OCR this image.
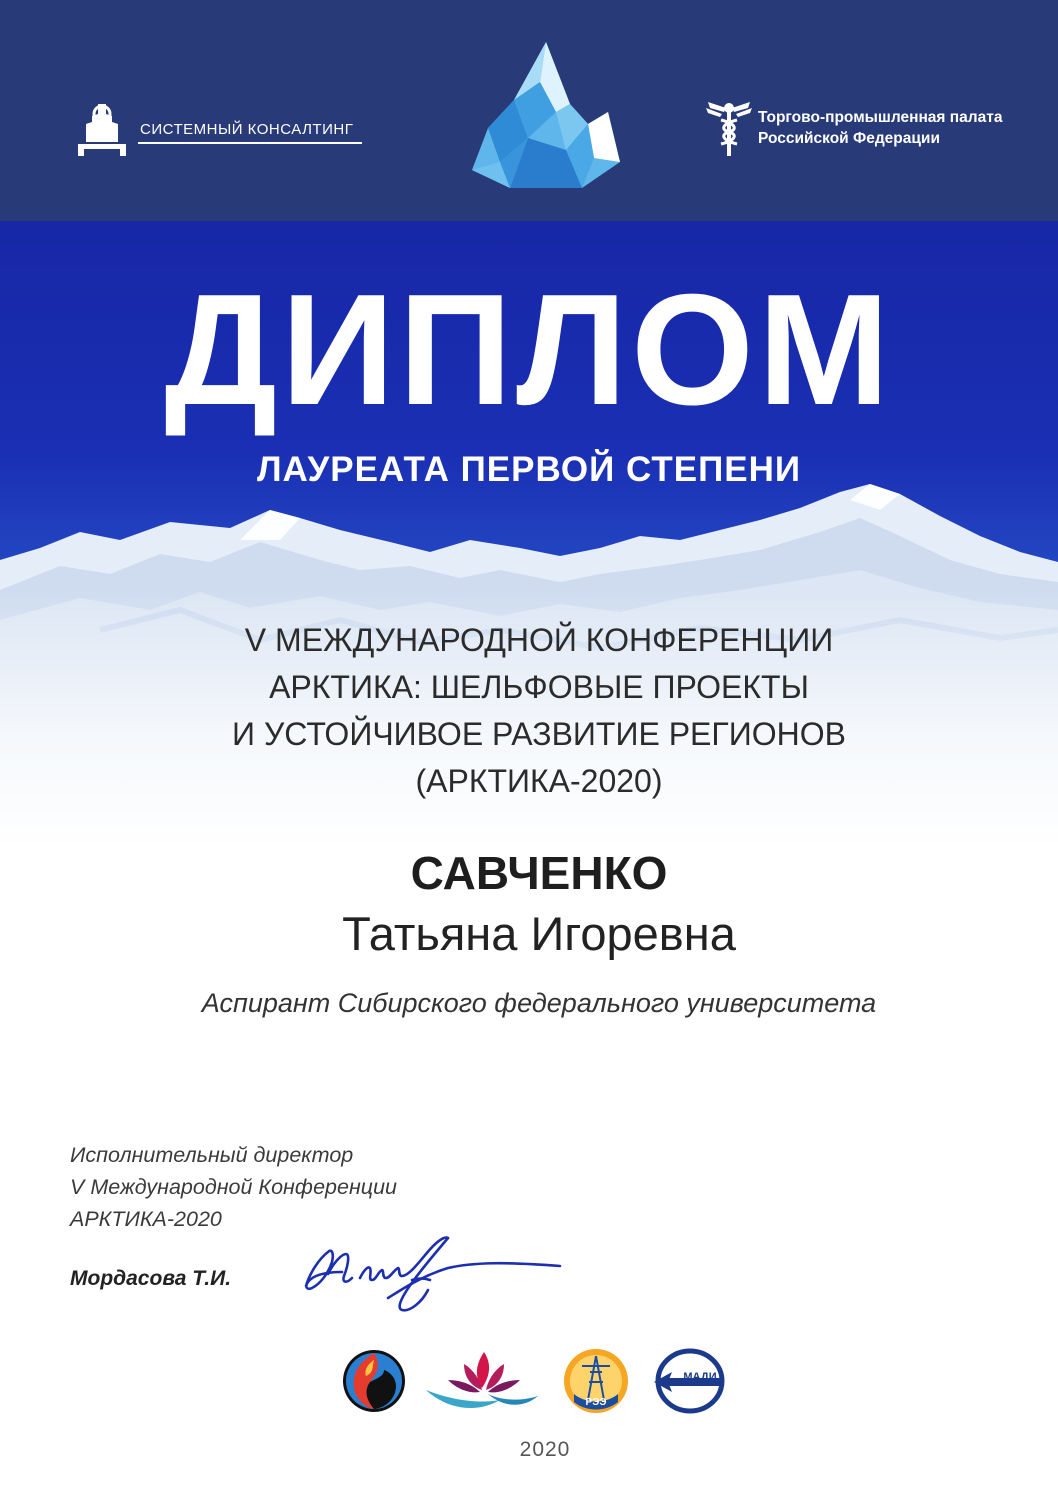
СИСТЕМНЫЙ КОНСАЛТИНГ
Торгово-промышленная палата
Российской Федерации
ДИПЛОМ
ЛАУРЕАТА ПЕРВОЙ СТЕПЕНИ
V МЕЖДУНАРОДНОЙ КОНФЕРЕНЦИИ
АРКТИКА: ШЕЛЬФОВЫЕ ПРОЕКТЫ
И УСТОЙЧИВОЕ РАЗВИТИЕ РЕГИОНОВ
(АРКТИКА-2020)
САВЧЕНКО
Татьяна Игоревна
Аспирант Сибирского федерального университета
Исполнительный директор
V Международной Конференции
АРКТИКА-2020
Мордасова Т.И.
РЭЭ
МАДИ
2020
